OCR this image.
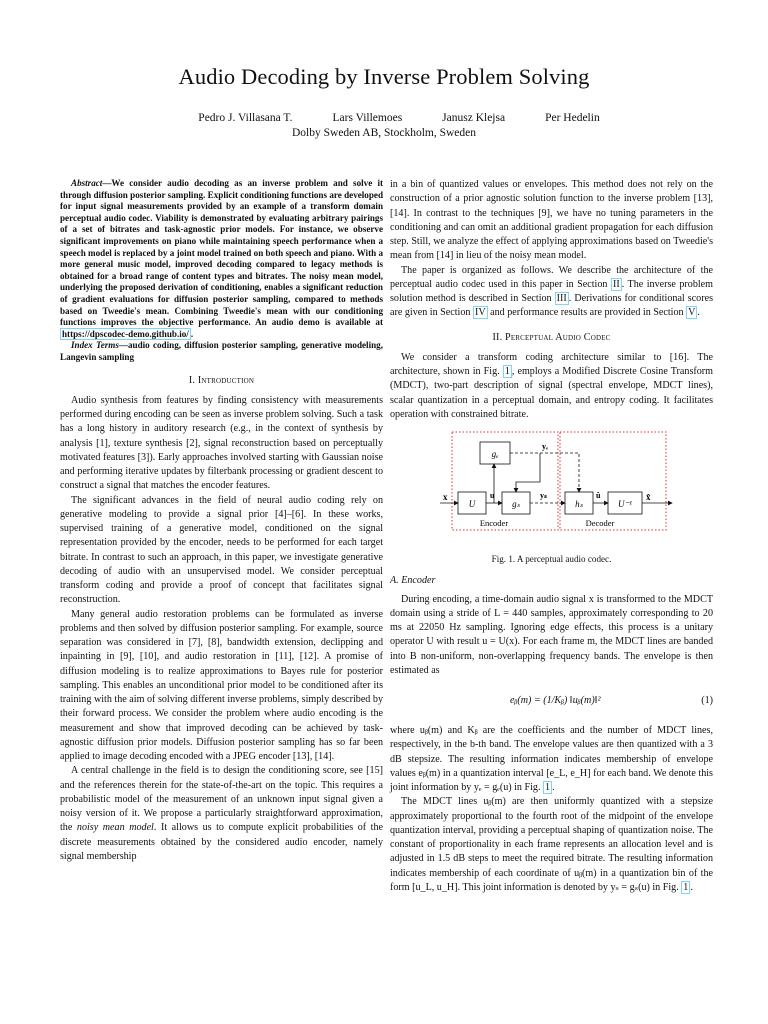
Audio Decoding by Inverse Problem Solving
Pedro J. Villasana T.	Lars Villemoes	Janusz Klejsa	Per Hedelin
Dolby Sweden AB, Stockholm, Sweden

Abstract—We consider audio decoding as an inverse problem and solve it through diffusion posterior sampling. Explicit conditioning functions are developed for input signal measurements provided by an example of a transform domain perceptual audio codec. Viability is demonstrated by evaluating arbitrary pairings of a set of bitrates and task-agnostic prior models. For instance, we observe significant improvements on piano while maintaining speech performance when a speech model is replaced by a joint model trained on both speech and piano. With a more general music model, improved decoding compared to legacy methods is obtained for a broad range of content types and bitrates. The noisy mean model, underlying the proposed derivation of conditioning, enables a significant reduction of gradient evaluations for diffusion posterior sampling, compared to methods based on Tweedie's mean. Combining Tweedie's mean with our conditioning functions improves the objective performance. An audio demo is available at https://dpscodec-demo.github.io/ .

Index Terms—audio coding, diffusion posterior sampling, generative modeling, Langevin sampling

I. Introduction

Audio synthesis from features by finding consistency with measurements performed during encoding can be seen as inverse problem solving. Such a task has a long history in auditory research (e.g., in the context of synthesis by analysis [1], texture synthesis [2], signal reconstruction based on perceptually motivated features [3]). Early approaches involved starting with Gaussian noise and performing iterative updates by filterbank processing or gradient descent to construct a signal that matches the encoder features.

The significant advances in the field of neural audio coding rely on generative modeling to provide a signal prior [4]–[6]. In these works, supervised training of a generative model, conditioned on the signal representation provided by the encoder, needs to be performed for each target bitrate. In contrast to such an approach, in this paper, we investigate generative decoding of audio with an unsupervised model. We consider perceptual transform coding and provide a proof of concept that facilitates signal reconstruction.

Many general audio restoration problems can be formulated as inverse problems and then solved by diffusion posterior sampling. For example, source separation was considered in [7], [8], bandwidth extension, declipping and inpainting in [9], [10], and audio restoration in [11], [12]. A promise of diffusion modeling is to realize approximations to Bayes rule for posterior sampling. This enables an unconditional prior model to be conditioned after its training with the aim of solving different inverse problems, simply described by their forward process. We consider the problem where audio encoding is the measurement and show that improved decoding can be achieved by task-agnostic diffusion prior models. Diffusion posterior sampling has so far been applied to image decoding encoded with a JPEG encoder [13], [14].

A central challenge in the field is to design the conditioning score, see [15] and the references therein for the state-of-the-art on the topic. This requires a probabilistic model of the measurement of an unknown input signal given a noisy version of it. We propose a particularly straightforward approximation, the noisy mean model. It allows us to compute explicit probabilities of the discrete measurements obtained by the considered audio encoder, namely signal membership

in a bin of quantized values or envelopes. This method does not rely on the construction of a prior agnostic solution function to the inverse problem [13], [14]. In contrast to the techniques [9], we have no tuning parameters in the conditioning and can omit an additional gradient propagation for each diffusion step. Still, we analyze the effect of applying approximations based on Tweedie's mean from [14] in lieu of the noisy mean model.

The paper is organized as follows. We describe the architecture of the perceptual audio codec used in this paper in Section II . The inverse problem solution method is described in Section III . Derivations for conditional scores are given in Section IV and performance results are provided in Section V .

II. Perceptual Audio Codec

We consider a transform coding architecture similar to [16]. The architecture, shown in Fig. 1 , employs a Modified Discrete Cosine Transform (MDCT), two-part description of signal (spectral envelope, MDCT lines), scalar quantization in a perceptual domain, and entropy coding. It facilitates operation with constrained bitrate.

gₑ
U	gₛ	hₛ	U⁻¹
x	u	yₛ
yₑ
û	x̂
Encoder	Decoder
Fig. 1. A perceptual audio codec.
A. Encoder

During encoding, a time-domain audio signal x is transformed to the MDCT domain using a stride of L = 440 samples, approximately corresponding to 20 ms at 22050 Hz sampling. Ignoring edge effects, this process is a unitary operator U with result u = U(x). For each frame m, the MDCT lines are banded into B non-uniform, non-overlapping frequency bands. The envelope is then estimated as

eᵦ(m) = (1/Kᵦ) ‖uᵦ(m)‖²	(1)

where uᵦ(m) and Kᵦ are the coefficients and the number of MDCT lines, respectively, in the b-th band. The envelope values are then quantized with a 3 dB stepsize. The resulting information indicates membership of envelope values eᵦ(m) in a quantization interval [e_L, e_H] for each band. We denote this joint information by yₑ = gₑ(u) in Fig. 1 .

The MDCT lines uᵦ(m) are then uniformly quantized with a stepsize approximately proportional to the fourth root of the midpoint of the envelope quantization interval, providing a perceptual shaping of quantization noise. The constant of proportionality in each frame represents an allocation level and is adjusted in 1.5 dB steps to meet the required bitrate. The resulting information indicates membership of each coordinate of uᵦ(m) in a quantization bin of the form [u_L, u_H]. This joint information is denoted by yₛ = gₛ(u) in Fig. 1 .
